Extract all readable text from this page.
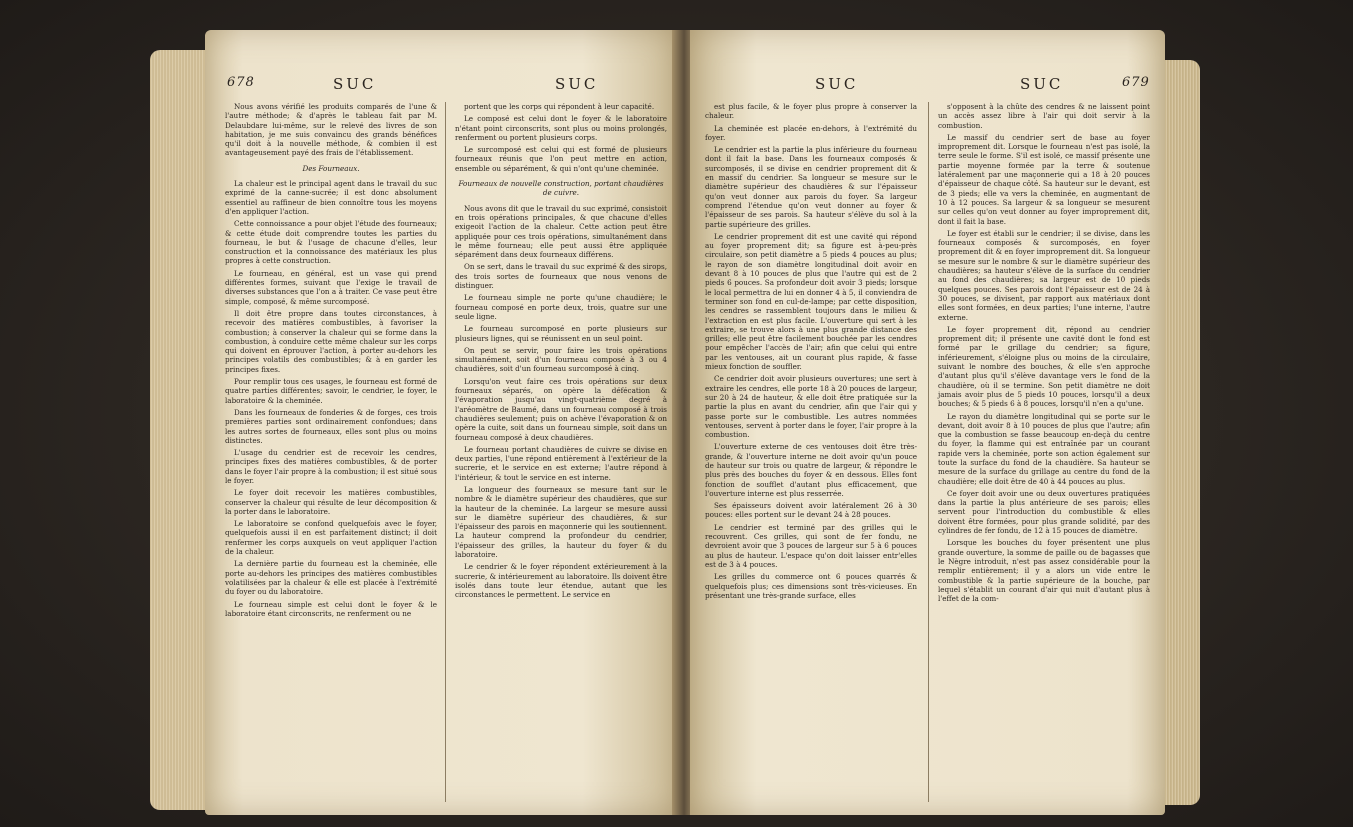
678	SUC	SUC

Nous avons vérifié les produits comparés de l'une & l'autre méthode; & d'après le tableau fait par M. Delaubdare lui-même, sur le relevé des livres de son habitation, je me suis convaincu des grands bénéfices qu'il doit à la nouvelle méthode, & combien il est avantageusement payé des frais de l'établissement.

Des Fourneaux.

La chaleur est le principal agent dans le travail du suc exprimé de la canne-sucrée; il est donc absolument essentiel au raffineur de bien connoître tous les moyens d'en appliquer l'action.

Cette connoissance a pour objet l'étude des fourneaux; & cette étude doit comprendre toutes les parties du fourneau, le but & l'usage de chacune d'elles, leur construction et la connoissance des matériaux les plus propres à cette construction.

Le fourneau, en général, est un vase qui prend différentes formes, suivant que l'exige le travail de diverses substances que l'on a à traiter. Ce vase peut être simple, composé, & même surcomposé.

Il doit être propre dans toutes circonstances, à recevoir des matières combustibles, à favoriser la combustion; à conserver la chaleur qui se forme dans la combustion, à conduire cette même chaleur sur les corps qui doivent en éprouver l'action, à porter au-dehors les principes volatils des combustibles; & à en garder les principes fixes.

Pour remplir tous ces usages, le fourneau est formé de quatre parties différentes; savoir, le cendrier, le foyer, le laboratoire & la cheminée.

Dans les fourneaux de fonderies & de forges, ces trois premières parties sont ordinairement confondues; dans les autres sortes de fourneaux, elles sont plus ou moins distinctes.

L'usage du cendrier est de recevoir les cendres, principes fixes des matières combustibles, & de porter dans le foyer l'air propre à la combustion; il est situé sous le foyer.

Le foyer doit recevoir les matières combustibles, conserver la chaleur qui résulte de leur décomposition & la porter dans le laboratoire.

Le laboratoire se confond quelquefois avec le foyer, quelquefois aussi il en est parfaitement distinct; il doit renfermer les corps auxquels on veut appliquer l'action de la chaleur.

La dernière partie du fourneau est la cheminée, elle porte au-dehors les principes des matières combustibles volatilisées par la chaleur & elle est placée à l'extrémité du foyer ou du laboratoire.

Le fourneau simple est celui dont le foyer & le laboratoire étant circonscrits, ne renferment ou ne

portent que les corps qui répondent à leur capacité.

Le composé est celui dont le foyer & le laboratoire n'étant point circonscrits, sont plus ou moins prolongés, renferment ou portent plusieurs corps.

Le surcomposé est celui qui est formé de plusieurs fourneaux réunis que l'on peut mettre en action, ensemble ou séparément, & qui n'ont qu'une cheminée.

Fourneaux de nouvelle construction, portant chaudières de cuivre.

Nous avons dit que le travail du suc exprimé, consistoit en trois opérations principales, & que chacune d'elles exigeoit l'action de la chaleur. Cette action peut être appliquée pour ces trois opérations, simultanément dans le même fourneau; elle peut aussi être appliquée séparément dans deux fourneaux différens.

On se sert, dans le travail du suc exprimé & des sirops, des trois sortes de fourneaux que nous venons de distinguer.

Le fourneau simple ne porte qu'une chaudière; le fourneau composé en porte deux, trois, quatre sur une seule ligne.

Le fourneau surcomposé en porte plusieurs sur plusieurs lignes, qui se réunissent en un seul point.

On peut se servir, pour faire les trois opérations simultanément, soit d'un fourneau composé à 3 ou 4 chaudières, soit d'un fourneau surcomposé à cinq.

Lorsqu'on veut faire ces trois opérations sur deux fourneaux séparés, on opère la défécation & l'évaporation jusqu'au vingt-quatrième degré à l'aréomètre de Baumé, dans un fourneau composé à trois chaudières seulement; puis on achève l'évaporation & on opère la cuite, soit dans un fourneau simple, soit dans un fourneau composé à deux chaudières.

Le fourneau portant chaudières de cuivre se divise en deux parties, l'une répond entièrement à l'extérieur de la sucrerie, et le service en est externe; l'autre répond à l'intérieur, & tout le service en est interne.

La longueur des fourneaux se mesure tant sur le nombre & le diamètre supérieur des chaudières, que sur la hauteur de la cheminée. La largeur se mesure aussi sur le diamètre supérieur des chaudières, & sur l'épaisseur des parois en maçonnerie qui les soutiennent. La hauteur comprend la profondeur du cendrier, l'épaisseur des grilles, la hauteur du foyer & du laboratoire.

Le cendrier & le foyer répondent extérieurement à la sucrerie, & intérieurement au laboratoire. Ils doivent être isolés dans toute leur étendue, autant que les circonstances le permettent. Le service en

SUC	SUC	679

est plus facile, & le foyer plus propre à conserver la chaleur.

La cheminée est placée en-dehors, à l'extrémité du foyer.

Le cendrier est la partie la plus inférieure du fourneau dont il fait la base. Dans les fourneaux composés & surcomposés, il se divise en cendrier proprement dit & en massif du cendrier. Sa longueur se mesure sur le diamètre supérieur des chaudières & sur l'épaisseur qu'on veut donner aux parois du foyer. Sa largeur comprend l'étendue qu'on veut donner au foyer & l'épaisseur de ses parois. Sa hauteur s'élève du sol à la partie supérieure des grilles.

Le cendrier proprement dit est une cavité qui répond au foyer proprement dit; sa figure est à-peu-près circulaire, son petit diamètre a 5 pieds 4 pouces au plus; le rayon de son diamètre longitudinal doit avoir en devant 8 à 10 pouces de plus que l'autre qui est de 2 pieds 6 pouces. Sa profondeur doit avoir 3 pieds; lorsque le local permettra de lui en donner 4 à 5, il conviendra de terminer son fond en cul-de-lampe; par cette disposition, les cendres se rassemblent toujours dans le milieu & l'extraction en est plus facile. L'ouverture qui sert à les extraire, se trouve alors à une plus grande distance des grilles; elle peut être facilement bouchée par les cendres pour empêcher l'accès de l'air; afin que celui qui entre par les ventouses, ait un courant plus rapide, & fasse mieux fonction de souffler.

Ce cendrier doit avoir plusieurs ouvertures; une sert à extraire les cendres, elle porte 18 à 20 pouces de largeur, sur 20 à 24 de hauteur, & elle doit être pratiquée sur la partie la plus en avant du cendrier, afin que l'air qui y passe porte sur le combustible. Les autres nommées ventouses, servent à porter dans le foyer, l'air propre à la combustion.

L'ouverture externe de ces ventouses doit être très-grande, & l'ouverture interne ne doit avoir qu'un pouce de hauteur sur trois ou quatre de largeur, & répondre le plus près des bouches du foyer & en dessous. Elles font fonction de soufflet d'autant plus efficacement, que l'ouverture interne est plus resserrée.

Ses épaisseurs doivent avoir latéralement 26 à 30 pouces: elles portent sur le devant 24 à 28 pouces.

Le cendrier est terminé par des grilles qui le recouvrent. Ces grilles, qui sont de fer fondu, ne devroient avoir que 3 pouces de largeur sur 5 à 6 pouces au plus de hauteur. L'espace qu'on doit laisser entr'elles est de 3 à 4 pouces.

Les grilles du commerce ont 6 pouces quarrés & quelquefois plus; ces dimensions sont très-vicieuses. En présentant une très-grande surface, elles

s'opposent à la chûte des cendres & ne laissent point un accès assez libre à l'air qui doit servir à la combustion.

Le massif du cendrier sert de base au foyer improprement dit. Lorsque le fourneau n'est pas isolé, la terre seule le forme. S'il est isolé, ce massif présente une partie moyenne formée par la terre & soutenue latéralement par une maçonnerie qui a 18 à 20 pouces d'épaisseur de chaque côté. Sa hauteur sur le devant, est de 3 pieds; elle va vers la cheminée, en augmentant de 10 à 12 pouces. Sa largeur & sa longueur se mesurent sur celles qu'on veut donner au foyer improprement dit, dont il fait la base.

Le foyer est établi sur le cendrier; il se divise, dans les fourneaux composés & surcomposés, en foyer proprement dit & en foyer improprement dit. Sa longueur se mesure sur le nombre & sur le diamètre supérieur des chaudières; sa hauteur s'élève de la surface du cendrier au fond des chaudières; sa largeur est de 10 pieds quelques pouces. Ses parois dont l'épaisseur est de 24 à 30 pouces, se divisent, par rapport aux matériaux dont elles sont formées, en deux parties; l'une interne, l'autre externe.

Le foyer proprement dit, répond au cendrier proprement dit; il présente une cavité dont le fond est formé par le grillage du cendrier; sa figure, inférieurement, s'éloigne plus ou moins de la circulaire, suivant le nombre des bouches, & elle s'en approche d'autant plus qu'il s'élève davantage vers le fond de la chaudière, où il se termine. Son petit diamètre ne doit jamais avoir plus de 5 pieds 10 pouces, lorsqu'il a deux bouches; & 5 pieds 6 à 8 pouces, lorsqu'il n'en a qu'une.

Le rayon du diamètre longitudinal qui se porte sur le devant, doit avoir 8 à 10 pouces de plus que l'autre; afin que la combustion se fasse beaucoup en-deçà du centre du foyer, la flamme qui est entraînée par un courant rapide vers la cheminée, porte son action également sur toute la surface du fond de la chaudière. Sa hauteur se mesure de la surface du grillage au centre du fond de la chaudière; elle doit être de 40 à 44 pouces au plus.

Ce foyer doit avoir une ou deux ouvertures pratiquées dans la partie la plus antérieure de ses parois; elles servent pour l'introduction du combustible & elles doivent être formées, pour plus grande solidité, par des cylindres de fer fondu, de 12 à 15 pouces de diamètre.

Lorsque les bouches du foyer présentent une plus grande ouverture, la somme de paille ou de bagasses que le Nègre introduit, n'est pas assez considérable pour la remplir entièrement; il y a alors un vide entre le combustible & la partie supérieure de la bouche, par lequel s'établit un courant d'air qui nuit d'autant plus à l'effet de la com-
